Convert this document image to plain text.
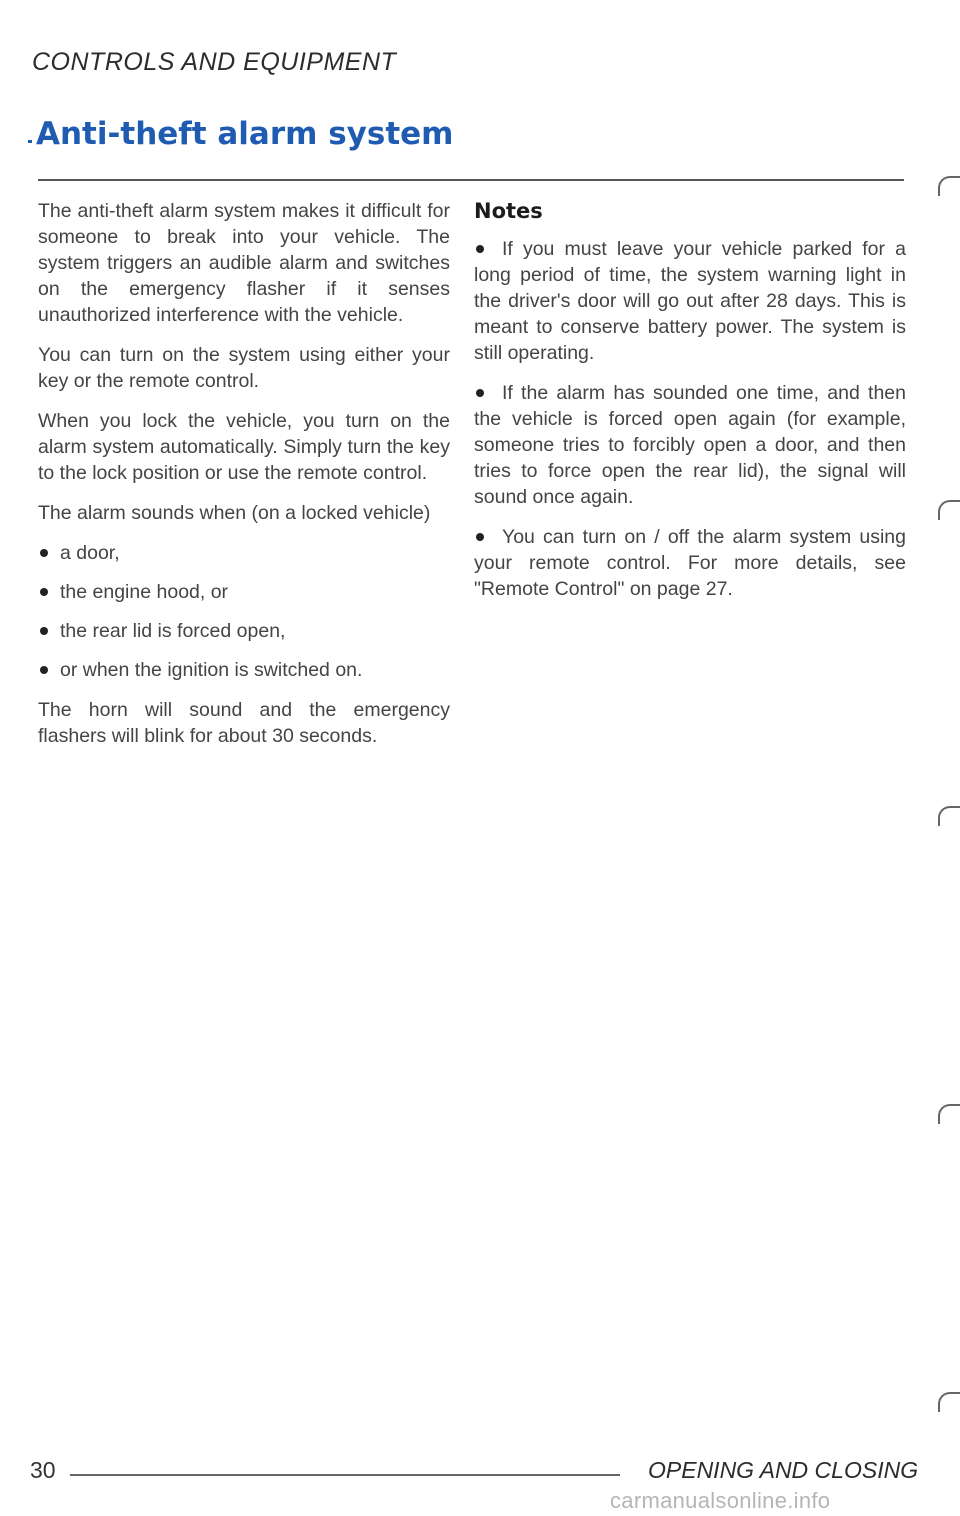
CONTROLS AND EQUIPMENT
Anti-theft alarm system

The anti-theft alarm system makes it difficult for someone to break into your vehicle. The system triggers an audible alarm and switches on the emergency flasher if it senses unauthorized interference with the vehicle.

You can turn on the system using either your key or the remote control.

When you lock the vehicle, you turn on the alarm system automatically. Simply turn the key to the lock position or use the remote control.

The alarm sounds when (on a locked vehicle)

a door,
the engine hood, or
the rear lid is forced open,
or when the ignition is switched on.

The horn will sound and the emergency flashers will blink for about 30 seconds.

Notes
If you must leave your vehicle parked for a long period of time, the system warning light in the driver's door will go out after 28 days. This is meant to conserve battery power. The system is still operating.
If the alarm has sounded one time, and then the vehicle is forced open again (for example, someone tries to forcibly open a door, and then tries to force open the rear lid), the signal will sound once again.
You can turn on / off the alarm system using your remote control. For more details, see "Remote Control" on page 27.
30	OPENING AND CLOSING
carmanualsonline.info
